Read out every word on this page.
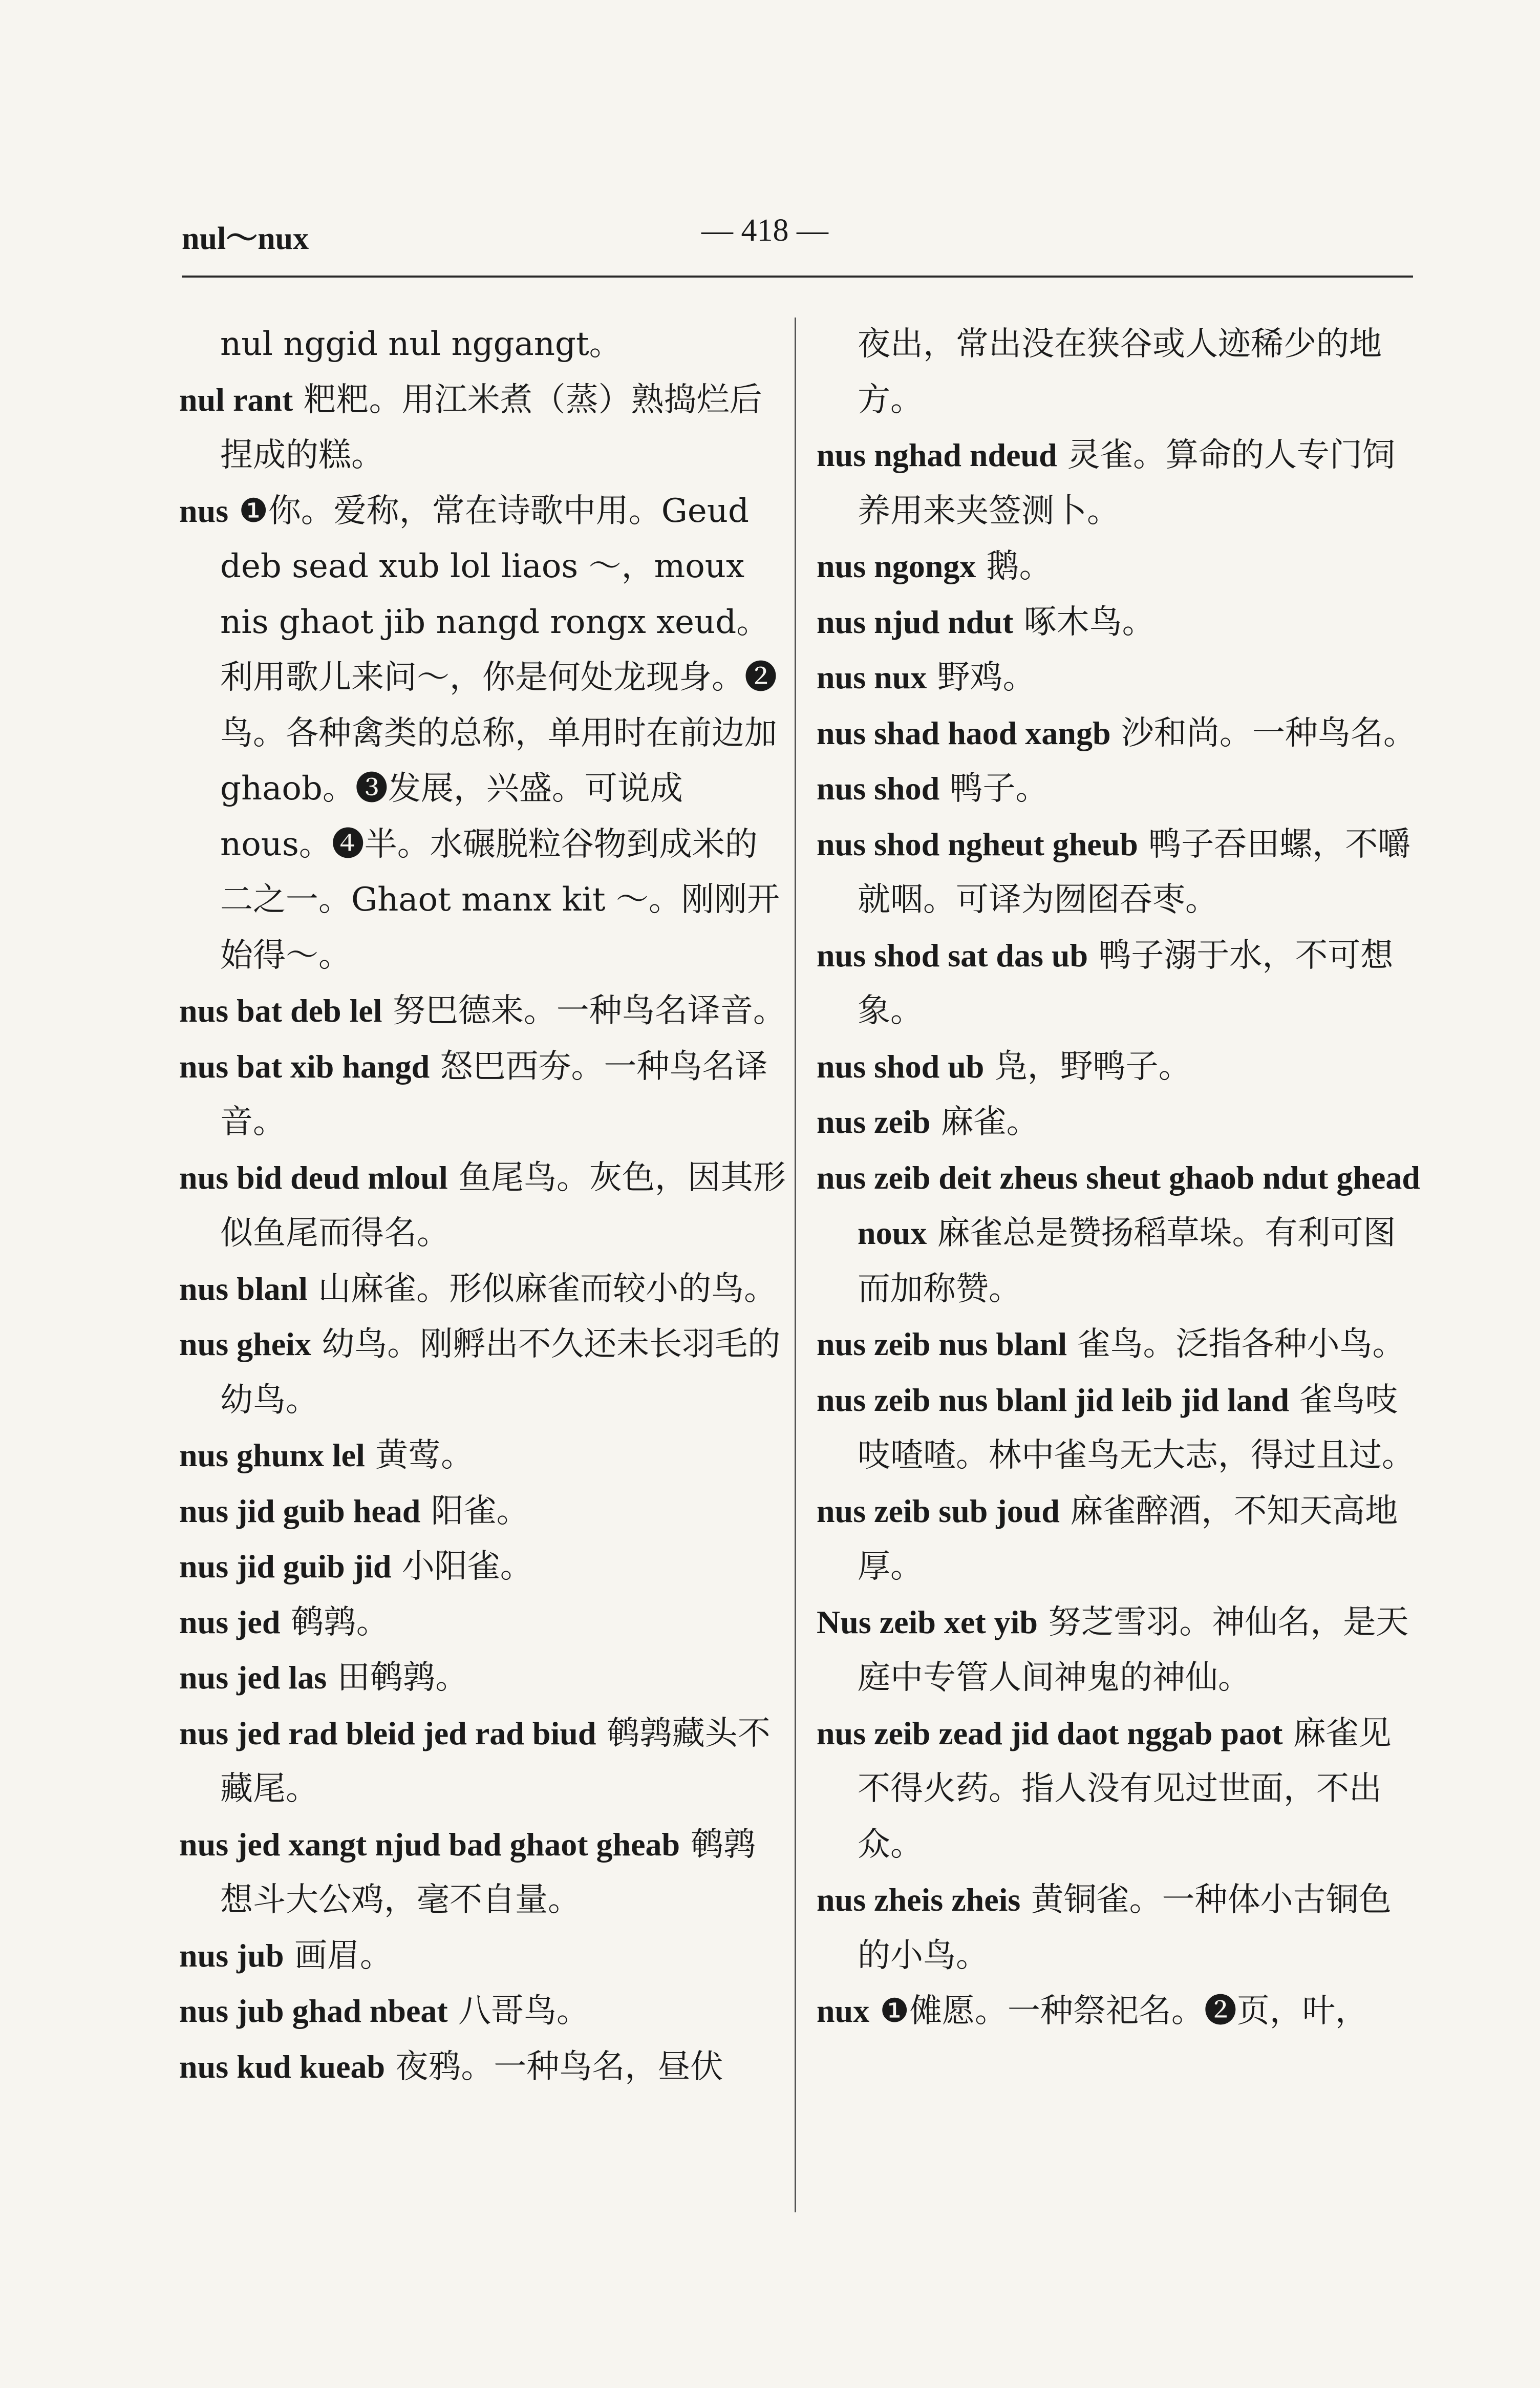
nul～nux	— 418 —

nul nggid nul nggangt。

nul rant 粑粑。用江米煮（蒸）熟捣烂后捏成的糕。

nus ❶你。爱称，常在诗歌中用。Geud deb sead xub lol liaos ～，moux nis ghaot jib nangd rongx xeud。利用歌儿来问～，你是何处龙现身。❷鸟。各种禽类的总称，单用时在前边加 ghaob。❸发展，兴盛。可说成 nous。❹半。水碾脱粒谷物到成米的二之一。Ghaot manx kit ～。刚刚开始得～。

nus bat deb lel 努巴德来。一种鸟名译音。

nus bat xib hangd 怒巴西夯。一种鸟名译音。

nus bid deud mloul 鱼尾鸟。灰色，因其形似鱼尾而得名。

nus blanl 山麻雀。形似麻雀而较小的鸟。

nus gheix 幼鸟。刚孵出不久还未长羽毛的幼鸟。

nus ghunx lel 黄莺。

nus jid guib head 阳雀。

nus jid guib jid 小阳雀。

nus jed 鹌鹑。

nus jed las 田鹌鹑。

nus jed rad bleid jed rad biud 鹌鹑藏头不藏尾。

nus jed xangt njud bad ghaot gheab 鹌鹑想斗大公鸡，毫不自量。

nus jub 画眉。

nus jub ghad nbeat 八哥鸟。

nus kud kueab 夜鸦。一种鸟名，昼伏

夜出，常出没在狭谷或人迹稀少的地方。

nus nghad ndeud 灵雀。算命的人专门饲养用来夹签测卜。

nus ngongx 鹅。

nus njud ndut 啄木鸟。

nus nux 野鸡。

nus shad haod xangb 沙和尚。一种鸟名。

nus shod 鸭子。

nus shod ngheut gheub 鸭子吞田螺，不嚼就咽。可译为囫囵吞枣。

nus shod sat das ub 鸭子溺于水，不可想象。

nus shod ub 凫，野鸭子。

nus zeib 麻雀。

nus zeib deit zheus sheut ghaob ndut ghead noux 麻雀总是赞扬稻草垛。有利可图而加称赞。

nus zeib nus blanl 雀鸟。泛指各种小鸟。

nus zeib nus blanl jid leib jid land 雀鸟吱吱喳喳。林中雀鸟无大志，得过且过。

nus zeib sub joud 麻雀醉酒，不知天高地厚。

Nus zeib xet yib 努芝雪羽。神仙名，是天庭中专管人间神鬼的神仙。

nus zeib zead jid daot nggab paot 麻雀见不得火药。指人没有见过世面，不出众。

nus zheis zheis 黄铜雀。一种体小古铜色的小鸟。

nux ❶傩愿。一种祭祀名。❷页，叶，
